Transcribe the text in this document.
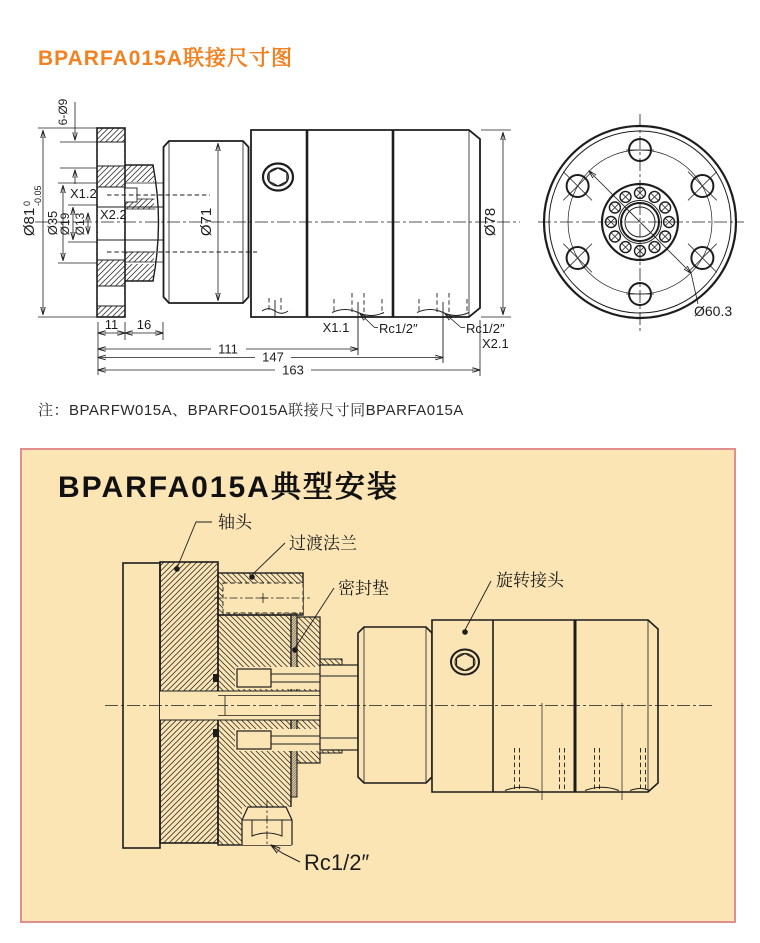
BPARFA015A联接尺寸图
BPARFA015A典型安装
注：BPARFW015A、BPARFO015A联接尺寸同BPARFA015A
Ø81
0 -0.05
Ø35
Ø19 Ø13
6-Ø9
Ø71	Ø78
X1.2
X2.2
11 16
111
147
163
X1.1 Rc1/2″	Rc1/2″
X2.1
Ø60.3
轴头
过渡法兰
密封垫	旋转接头
Rc1/2″
